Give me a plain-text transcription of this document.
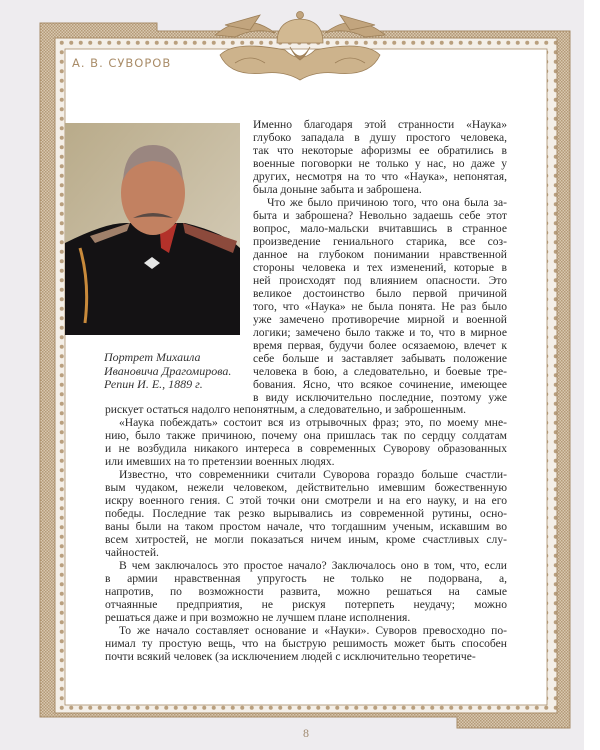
А. В. СУВОРОВ
Портрет Михаила
Ивановича Драгомирова.
Репин И. Е., 1889 г.
Именно благодаря этой странности «Наука»
глубоко западала в душу простого человека,
так что некоторые афоризмы ее обратились в
военные поговорки не только у нас, но даже у
других, несмотря на то что «Наука», непонятая,
была доныне забыта и заброшена.
Что же было причиною того, что она была за-
быта и заброшена? Невольно задаешь себе этот
вопрос, мало-мальски вчитавшись в странное
произведение гениального старика, все соз-
данное на глубоком понимании нравственной
стороны человека и тех изменений, которые в
ней происходят под влиянием опасности. Это
великое достоинство было первой причиной
того, что «Наука» не была понята. Не раз было
уже замечено противоречие мирной и военной
логики; замечено было также и то, что в мирное
время первая, будучи более осязаемою, влечет к
себе больше и заставляет забывать положение
человека в бою, а следовательно, и боевые тре-
бования. Ясно, что всякое сочинение, имеющее
в виду исключительно последние, поэтому уже
рискует остаться надолго непонятным, а следовательно, и заброшенным.
«Наука побеждать» состоит вся из отрывочных фраз; это, по моему мне-
нию, было также причиною, почему она пришлась так по сердцу солдатам
и не возбудила никакого интереса в современных Суворову образованных
или имевших на то претензии военных людях.
Известно, что современники считали Суворова гораздо больше счастли-
вым чудаком, нежели человеком, действительно имевшим божественную
искру военного гения. С этой точки они смотрели и на его науку, и на его
победы. Последние так резко вырывались из современной рутины, осно-
ваны были на таком простом начале, что тогдашним ученым, искавшим во
всем хитростей, не могли показаться ничем иным, кроме счастливых слу-
чайностей.
В чем заключалось это простое начало? Заключалось оно в том, что, если
в армии нравственная упругость не только не подорвана, а,
напротив, по возможности развита, можно решаться на самые
отчаянные предприятия, не рискуя потерпеть неудачу; можно
решаться даже и при возможно не лучшем плане исполнения.
То же начало составляет основание и «Науки». Суворов превосходно по-
нимал ту простую вещь, что на быструю решимость может быть способен
почти всякий человек (за исключением людей с исключительно теоретиче-
8
